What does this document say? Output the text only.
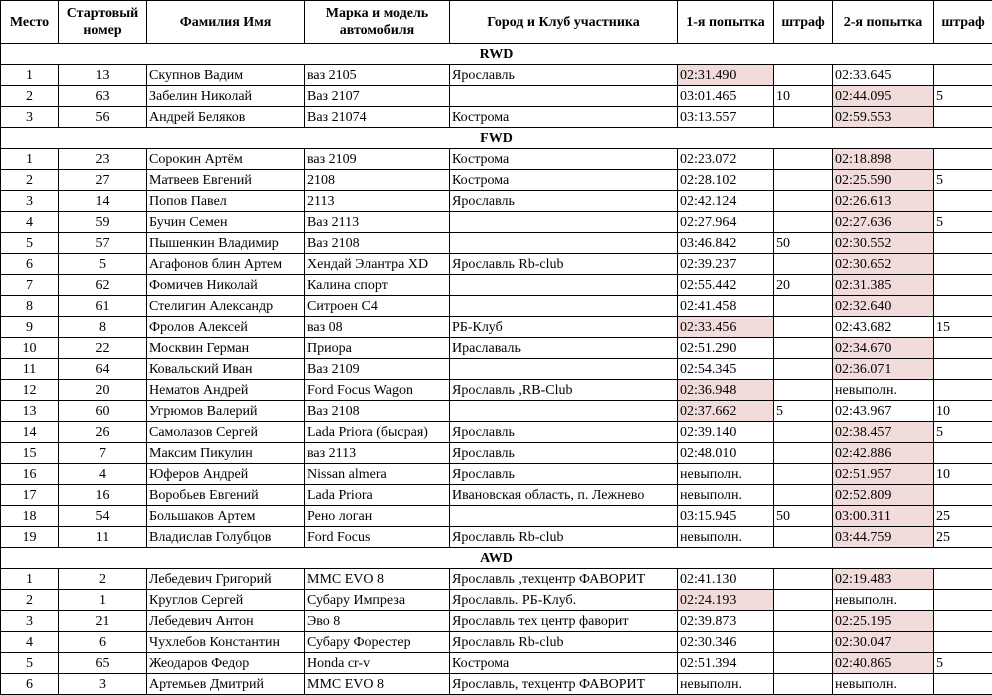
Место	Стартовый номер	Фамилия Имя	Марка и модель автомобиля	Город и Клуб участника	1-я попытка	штраф	2-я попытка	штраф
RWD								
1	13	Скупнов Вадим	ваз 2105	Ярославль	02:31.490		02:33.645	
2	63	Забелин Николай	Ваз 2107		03:01.465	10	02:44.095	5
3	56	Андрей Беляков	Ваз 21074	Кострома	03:13.557		02:59.553	
FWD								
1	23	Сорокин Артём	ваз 2109	Кострома	02:23.072		02:18.898	
2	27	Матвеев Евгений	2108	Кострома	02:28.102		02:25.590	5
3	14	Попов Павел	2113	Ярославль	02:42.124		02:26.613	
4	59	Бучин Семен	Ваз 2113		02:27.964		02:27.636	5
5	57	Пышенкин Владимир	Ваз 2108		03:46.842	50	02:30.552	
6	5	Агафонов блин Артем	Хендай Элантра XD	Ярославль Rb-club	02:39.237		02:30.652	
7	62	Фомичев Николай	Калина спорт		02:55.442	20	02:31.385	
8	61	Стелигин Александр	Ситроен С4		02:41.458		02:32.640	
9	8	Фролов Алексей	ваз 08	РБ-Клуб	02:33.456		02:43.682	15
10	22	Москвин Герман	Приора	Ираславаль	02:51.290		02:34.670	
11	64	Ковальский Иван	Ваз 2109		02:54.345		02:36.071	
12	20	Нематов Андрей	Ford Focus Wagon	Ярославль ,RB-Club	02:36.948		невыполн.	
13	60	Угрюмов Валерий	Ваз 2108		02:37.662	5	02:43.967	10
14	26	Самолазов Сергей	Lada Priora (бысрая)	Ярославль	02:39.140		02:38.457	5
15	7	Максим Пикулин	ваз 2113	Ярославль	02:48.010		02:42.886	
16	4	Юферов Андрей	Nissan almera	Ярославль	невыполн.		02:51.957	10
17	16	Воробьев Евгений	Lada Priora	Ивановская область, п. Лежнево	невыполн.		02:52.809	
18	54	Большаков Артем	Рено логан		03:15.945	50	03:00.311	25
19	11	Владислав Голубцов	Ford Focus	Ярославль Rb-club	невыполн.		03:44.759	25
AWD								
1	2	Лебедевич Григорий	MMC EVO 8	Ярославль ,техцентр ФАВОРИТ	02:41.130		02:19.483	
2	1	Круглов Сергей	Субару Импреза	Ярославль. РБ-Клуб.	02:24.193		невыполн.	
3	21	Лебедевич Антон	Эво 8	Ярославль тех центр фаворит	02:39.873		02:25.195	
4	6	Чухлебов Константин	Субару Форестер	Ярославль Rb-club	02:30.346		02:30.047	
5	65	Жеодаров Федор	Honda cr-v	Кострома	02:51.394		02:40.865	5
6	3	Артемьев Дмитрий	MMC EVO 8	Ярославль, техцентр ФАВОРИТ	невыполн.		невыполн.	
